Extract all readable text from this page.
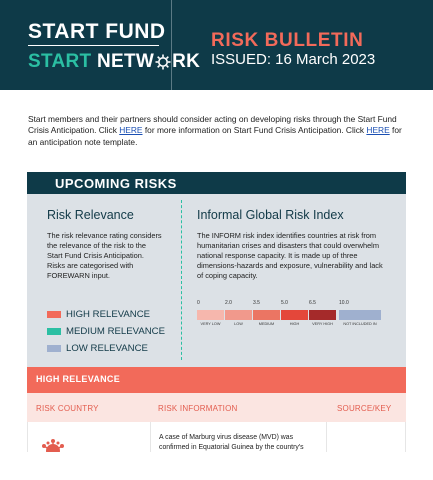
START FUND
START NETW RK
RISK BULLETIN
ISSUED: 16 March 2023
Start members and their partners should consider acting on developing risks through the Start Fund Crisis Anticipation. Click HERE for more information on Start Fund Crisis Anticipation. Click HERE for an anticipation note template.
UPCOMING RISKS
Risk Relevance
The risk relevance rating considers the relevance of the risk to the Start Fund Crisis Anticipation. Risks are categorised with FOREWARN input.
HIGH RELEVANCE
MEDIUM RELEVANCE
LOW RELEVANCE
Informal Global Risk Index
The INFORM risk index identifies countries at risk from humanitarian crises and disasters that could overwhelm national response capacity. It is made up of three dimensions-hazards and exposure, vulnerability and lack of coping capacity.
0	2.0	3.5	5.0	6.5	10.0
VERY LOW	LOW	MEDIUM	HIGH	VERY HIGH	NOT INCLUDED IN
HIGH RELEVANCE
RISK COUNTRY	RISK INFORMATION	SOURCE/KEY
A case of Marburg virus disease (MVD) was confirmed in Equatorial Guinea by the country's
